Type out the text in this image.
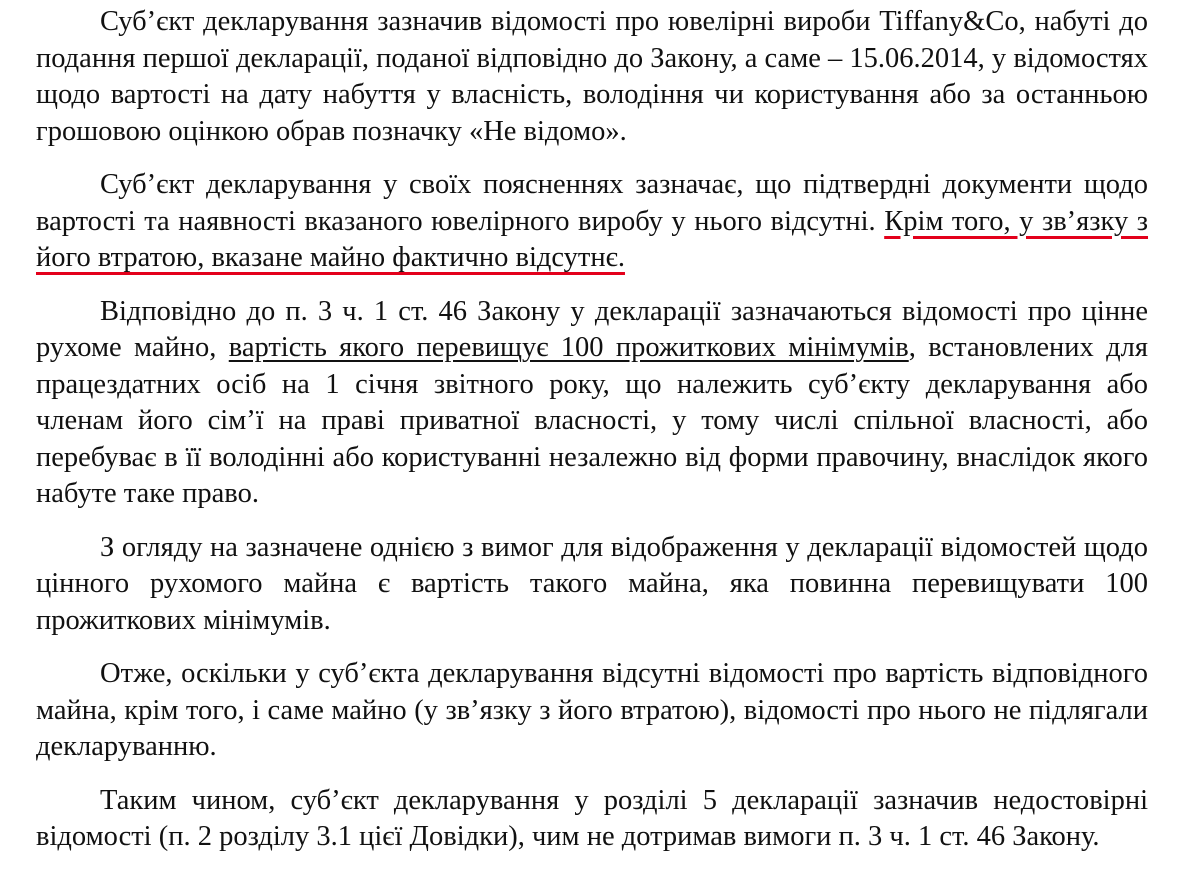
Суб’єкт декларування зазначив відомості про ювелірні вироби Tiffany&Co, набуті до подання першої декларації, поданої відповідно до Закону, а саме – 15.06.2014, у відомостях щодо вартості на дату набуття у власність, володіння чи користування або за останньою грошовою оцінкою обрав позначку «Не відомо».

Суб’єкт декларування у своїх поясненнях зазначає, що підтвердні документи щодо вартості та наявності вказаного ювелірного виробу у нього відсутні. Крім того, у зв’язку з його втратою, вказане майно фактично відсутнє.

Відповідно до п. 3 ч. 1 ст. 46 Закону у декларації зазначаються відомості про цінне рухоме майно, вартість якого перевищує 100 прожиткових мінімумів, встановлених для працездатних осіб на 1 січня звітного року, що належить суб’єкту декларування або членам його сім’ї на праві приватної власності, у тому числі спільної власності, або перебуває в її володінні або користуванні незалежно від форми правочину, внаслідок якого набуте таке право.

З огляду на зазначене однією з вимог для відображення у декларації відомостей щодо цінного рухомого майна є вартість такого майна, яка повинна перевищувати 100 прожиткових мінімумів.

Отже, оскільки у суб’єкта декларування відсутні відомості про вартість відповідного майна, крім того, і саме майно (у зв’язку з його втратою), відомості про нього не підлягали декларуванню.

Таким чином, суб’єкт декларування у розділі 5 декларації зазначив недостовірні відомості (п. 2 розділу 3.1 цієї Довідки), чим не дотримав вимоги п. 3 ч. 1 ст. 46 Закону.
